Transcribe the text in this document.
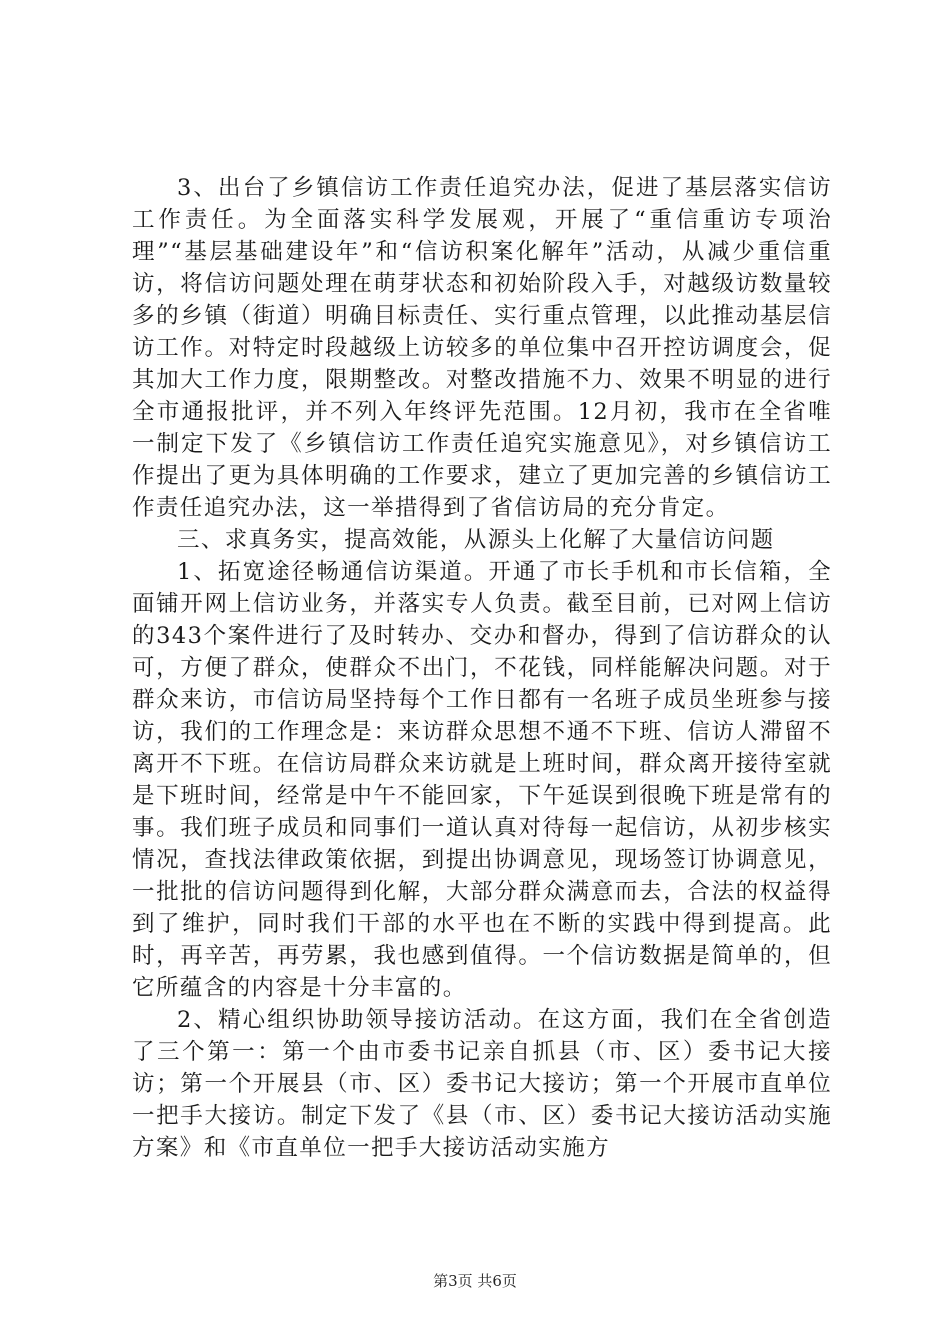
3、出台了乡镇信访工作责任追究办法，促进了基层落实信访工作责任。为全面落实科学发展观，开展了“重信重访专项治理”“基层基础建设年”和“信访积案化解年”活动，从减少重信重访，将信访问题处理在萌芽状态和初始阶段入手，对越级访数量较多的乡镇（街道）明确目标责任、实行重点管理，以此推动基层信访工作。对特定时段越级上访较多的单位集中召开控访调度会，促其加大工作力度，限期整改。对整改措施不力、效果不明显的进行全市通报批评，并不列入年终评先范围。12月初，我市在全省唯一制定下发了《乡镇信访工作责任追究实施意见》，对乡镇信访工作提出了更为具体明确的工作要求，建立了更加完善的乡镇信访工作责任追究办法，这一举措得到了省信访局的充分肯定。

三、求真务实，提高效能，从源头上化解了大量信访问题

1、拓宽途径畅通信访渠道。开通了市长手机和市长信箱，全面铺开网上信访业务，并落实专人负责。截至目前，已对网上信访的343个案件进行了及时转办、交办和督办，得到了信访群众的认可，方便了群众，使群众不出门，不花钱，同样能解决问题。对于群众来访，市信访局坚持每个工作日都有一名班子成员坐班参与接访，我们的工作理念是：来访群众思想不通不下班、信访人滞留不离开不下班。在信访局群众来访就是上班时间，群众离开接待室就是下班时间，经常是中午不能回家，下午延误到很晚下班是常有的事。我们班子成员和同事们一道认真对待每一起信访，从初步核实情况，查找法律政策依据，到提出协调意见，现场签订协调意见，一批批的信访问题得到化解，大部分群众满意而去，合法的权益得到了维护，同时我们干部的水平也在不断的实践中得到提高。此时，再辛苦，再劳累，我也感到值得。一个信访数据是简单的，但它所蕴含的内容是十分丰富的。

2、精心组织协助领导接访活动。在这方面，我们在全省创造了三个第一：第一个由市委书记亲自抓县（市、区）委书记大接访；第一个开展县（市、区）委书记大接访；第一个开展市直单位一把手大接访。制定下发了《县（市、区）委书记大接访活动实施方案》和《市直单位一把手大接访活动实施方

第3页 共6页
